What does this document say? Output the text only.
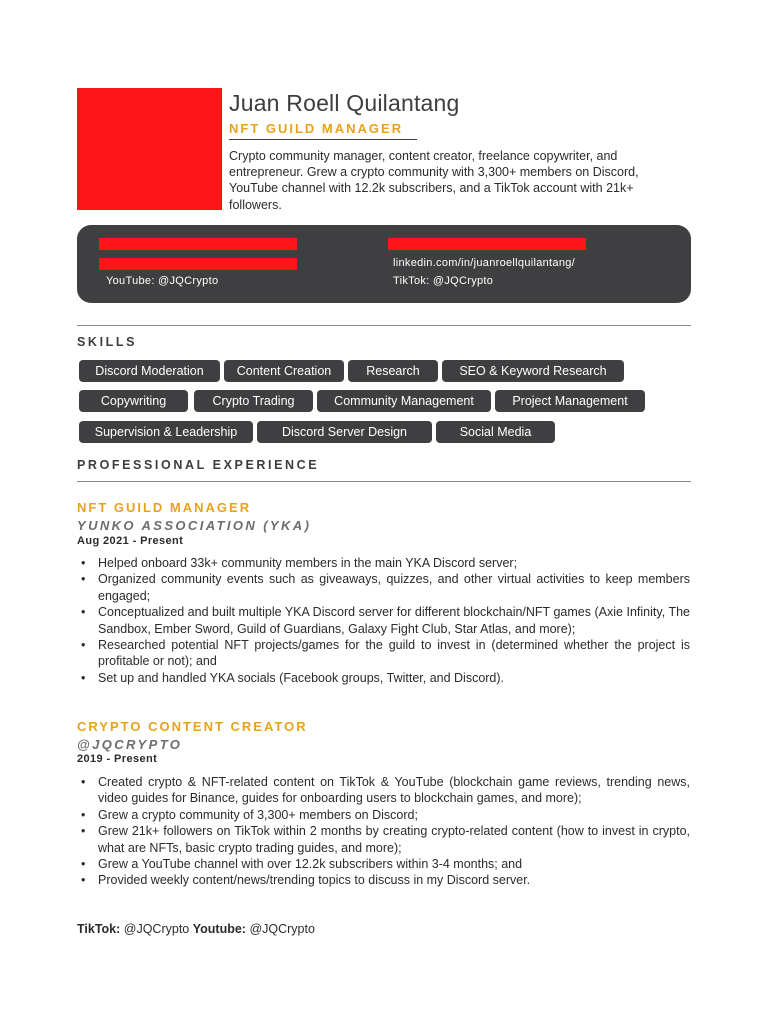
Juan Roell Quilantang
NFT GUILD MANAGER
Crypto community manager, content creator, freelance copywriter, and entrepreneur. Grew a crypto community with 3,300+ members on Discord, YouTube channel with 12.2k subscribers, and a TikTok account with 21k+ followers.
YouTube: @JQCrypto
linkedin.com/in/juanroellquilantang/
TikTok: @JQCrypto
SKILLS
Discord Moderation	Content Creation	Research	SEO & Keyword Research
Copywriting	Crypto Trading	Community Management	Project Management
Supervision & Leadership	Discord Server Design	Social Media
PROFESSIONAL EXPERIENCE
NFT GUILD MANAGER
YUNKO ASSOCIATION (YKA)
Aug 2021 - Present
• Helped onboard 33k+ community members in the main YKA Discord server;
• Organized community events such as giveaways, quizzes, and other virtual activities to keep members engaged;
• Conceptualized and built multiple YKA Discord server for different blockchain/NFT games (Axie Infinity, The Sandbox, Ember Sword, Guild of Guardians, Galaxy Fight Club, Star Atlas, and more);
• Researched potential NFT projects/games for the guild to invest in (determined whether the project is profitable or not); and
• Set up and handled YKA socials (Facebook groups, Twitter, and Discord).
CRYPTO CONTENT CREATOR
@JQCRYPTO
2019 - Present
• Created crypto & NFT-related content on TikTok & YouTube (blockchain game reviews, trending news, video guides for Binance, guides for onboarding users to blockchain games, and more);
• Grew a crypto community of 3,300+ members on Discord;
• Grew 21k+ followers on TikTok within 2 months by creating crypto-related content (how to invest in crypto, what are NFTs, basic crypto trading guides, and more);
• Grew a YouTube channel with over 12.2k subscribers within 3-4 months; and
• Provided weekly content/news/trending topics to discuss in my Discord server.
TikTok: @JQCrypto Youtube: @JQCrypto
